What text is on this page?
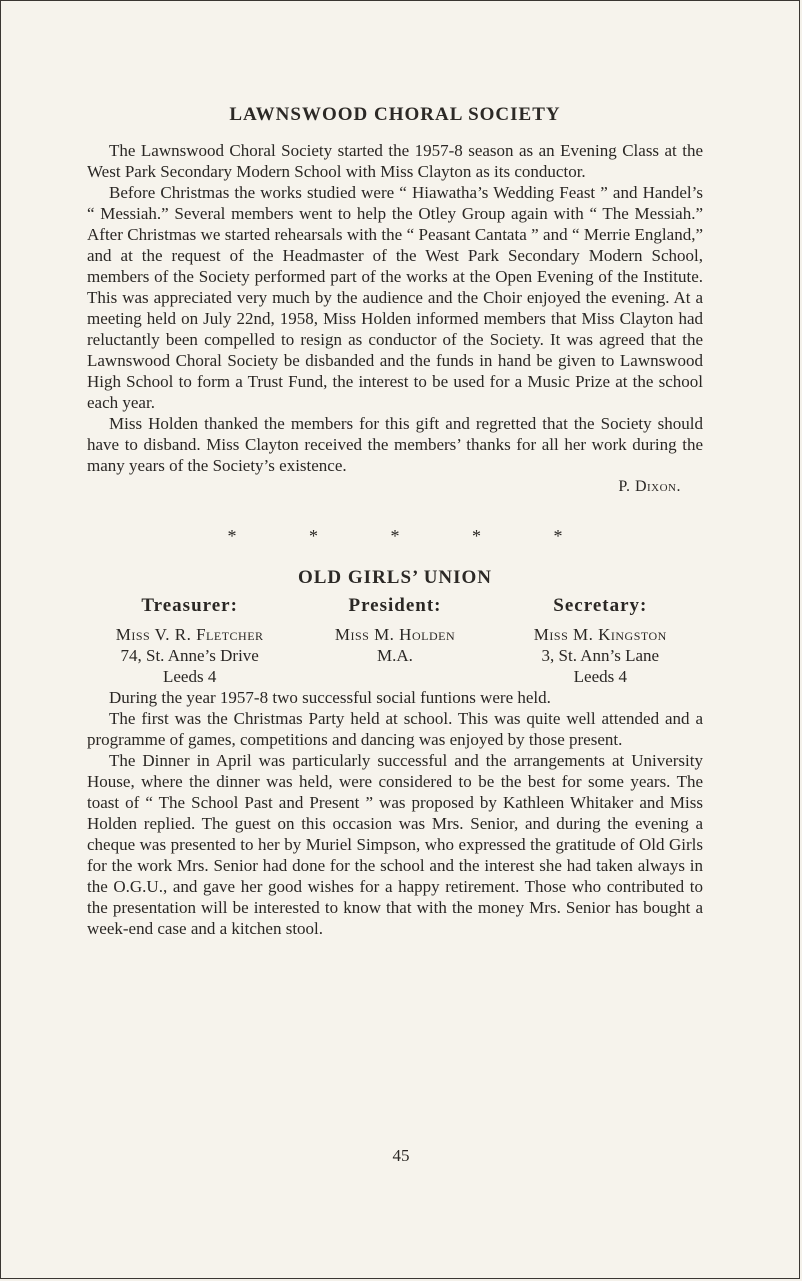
LAWNSWOOD CHORAL SOCIETY

The Lawnswood Choral Society started the 1957-8 season as an Evening Class at the West Park Secondary Modern School with Miss Clayton as its conductor.

Before Christmas the works studied were “ Hiawatha’s Wedding Feast ” and Handel’s “ Messiah.” Several members went to help the Otley Group again with “ The Messiah.” After Christmas we started rehearsals with the “ Peasant Cantata ” and “ Merrie England,” and at the request of the Headmaster of the West Park Secondary Modern School, members of the Society performed part of the works at the Open Evening of the Institute. This was appreciated very much by the audience and the Choir enjoyed the evening. At a meeting held on July 22nd, 1958, Miss Holden informed members that Miss Clayton had reluctantly been compelled to resign as conductor of the Society. It was agreed that the Lawnswood Choral Society be disbanded and the funds in hand be given to Lawnswood High School to form a Trust Fund, the interest to be used for a Music Prize at the school each year.

Miss Holden thanked the members for this gift and regretted that the Society should have to disband. Miss Clayton received the members’ thanks for all her work during the many years of the Society’s existence.

P. Dixon.
* * * * *
OLD GIRLS’ UNION
Treasurer:
Miss V. R. Fletcher
74, St. Anne’s Drive
Leeds 4
President:
Miss M. Holden
M.A.
Secretary:
Miss M. Kingston
3, St. Ann’s Lane
Leeds 4

During the year 1957-8 two successful social funtions were held.

The first was the Christmas Party held at school. This was quite well attended and a programme of games, competitions and dancing was enjoyed by those present.

The Dinner in April was particularly successful and the arrangements at University House, where the dinner was held, were considered to be the best for some years. The toast of “ The School Past and Present ” was proposed by Kathleen Whitaker and Miss Holden replied. The guest on this occasion was Mrs. Senior, and during the evening a cheque was presented to her by Muriel Simpson, who expressed the gratitude of Old Girls for the work Mrs. Senior had done for the school and the interest she had taken always in the O.G.U., and gave her good wishes for a happy retirement. Those who contributed to the presentation will be interested to know that with the money Mrs. Senior has bought a week-end case and a kitchen stool.

45
